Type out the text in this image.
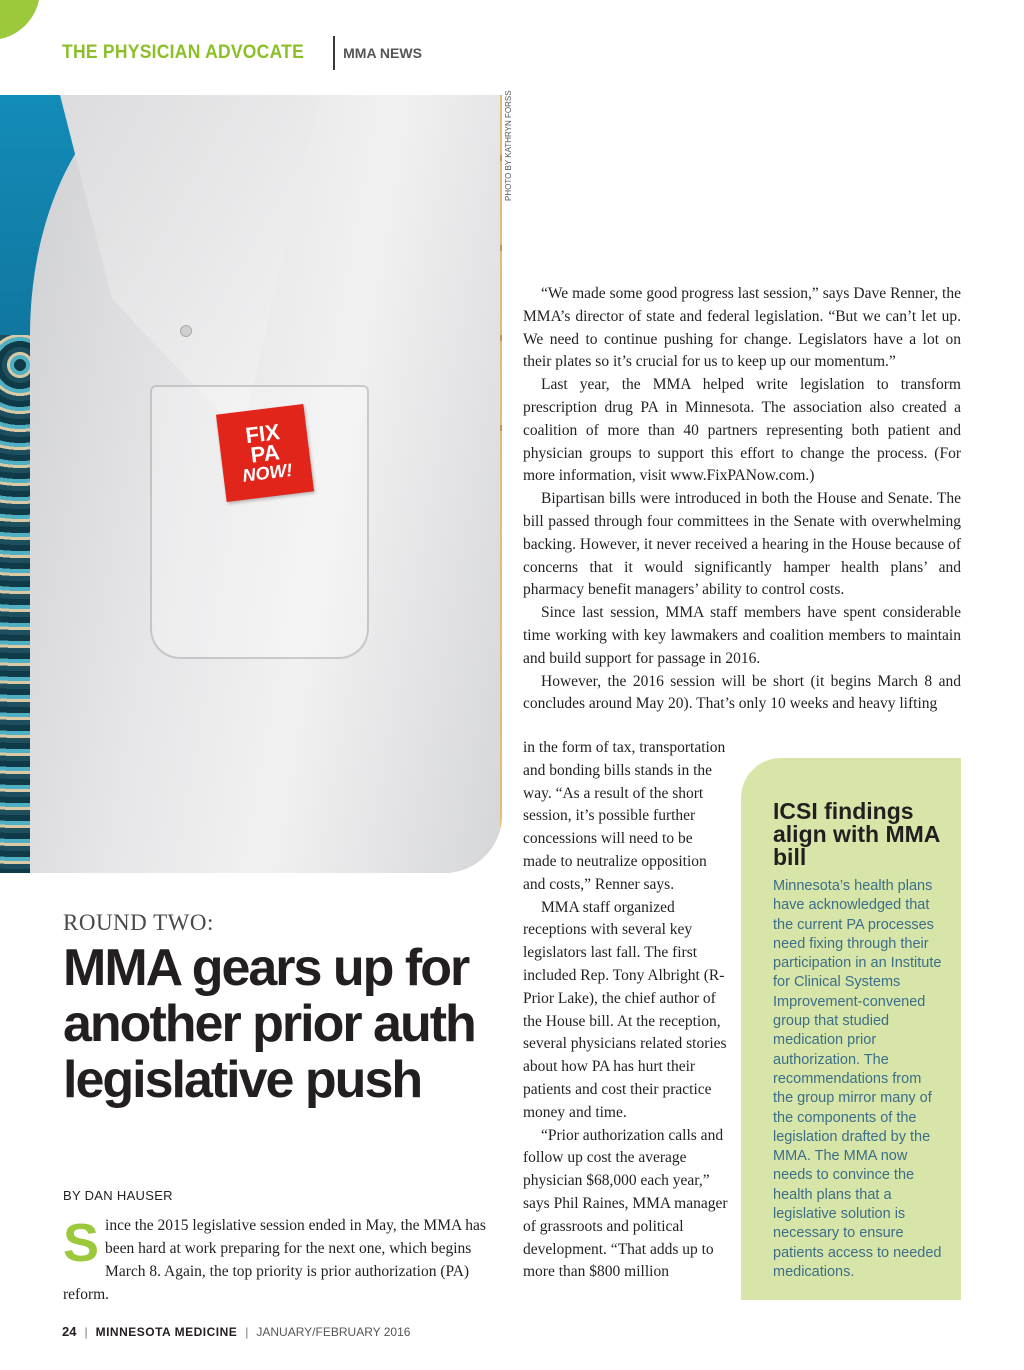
THE PHYSICIAN ADVOCATE	MMA NEWS
FIX
PA
NOW!
PHOTO BY KATHRYN FORSS
ROUND TWO:
MMA gears up for another prior auth legislative push
BY DAN HAUSER

Since the 2015 legislative session ended in May, the MMA has been hard at work preparing for the next one, which begins March 8. Again, the top priority is prior authorization (PA) reform.

“We made some good progress last session,” says Dave Renner, the MMA’s director of state and federal legislation. “But we can’t let up. We need to continue pushing for change. Legislators have a lot on their plates so it’s crucial for us to keep up our momentum.”

Last year, the MMA helped write legislation to transform prescription drug PA in Minnesota. The association also created a coalition of more than 40 partners representing both patient and physician groups to support this effort to change the process. (For more information, visit www.FixPANow.com.)

Bipartisan bills were introduced in both the House and Senate. The bill passed through four committees in the Senate with overwhelming backing. However, it never received a hearing in the House because of concerns that it would significantly hamper health plans’ and pharmacy benefit managers’ ability to control costs.

Since last session, MMA staff members have spent considerable time working with key lawmakers and coalition members to maintain and build support for passage in 2016.

However, the 2016 session will be short (it begins March 8 and concludes around May 20). That’s only 10 weeks and heavy lifting

in the form of tax, transportation and bonding bills stands in the way. “As a result of the short session, it’s possible further concessions will need to be made to neutralize opposition and costs,” Renner says.

MMA staff organized receptions with several key legislators last fall. The first included Rep. Tony Albright (R-Prior Lake), the chief author of the House bill. At the reception, several physicians related stories about how PA has hurt their patients and cost their practice money and time.

“Prior authorization calls and follow up cost the average physician $68,000 each year,” says Phil Raines, MMA manager of grassroots and political development. “That adds up to more than $800 million

ICSI findings align with MMA bill

Minnesota’s health plans have acknowledged that the current PA processes need fixing through their participation in an Institute for Clinical Systems Improvement-convened group that studied medication prior authorization. The recommendations from the group mirror many of the components of the legislation drafted by the MMA. The MMA now needs to convince the health plans that a legislative solution is necessary to ensure patients access to needed medications.

24 | MINNESOTA MEDICINE | JANUARY/FEBRUARY 2016
